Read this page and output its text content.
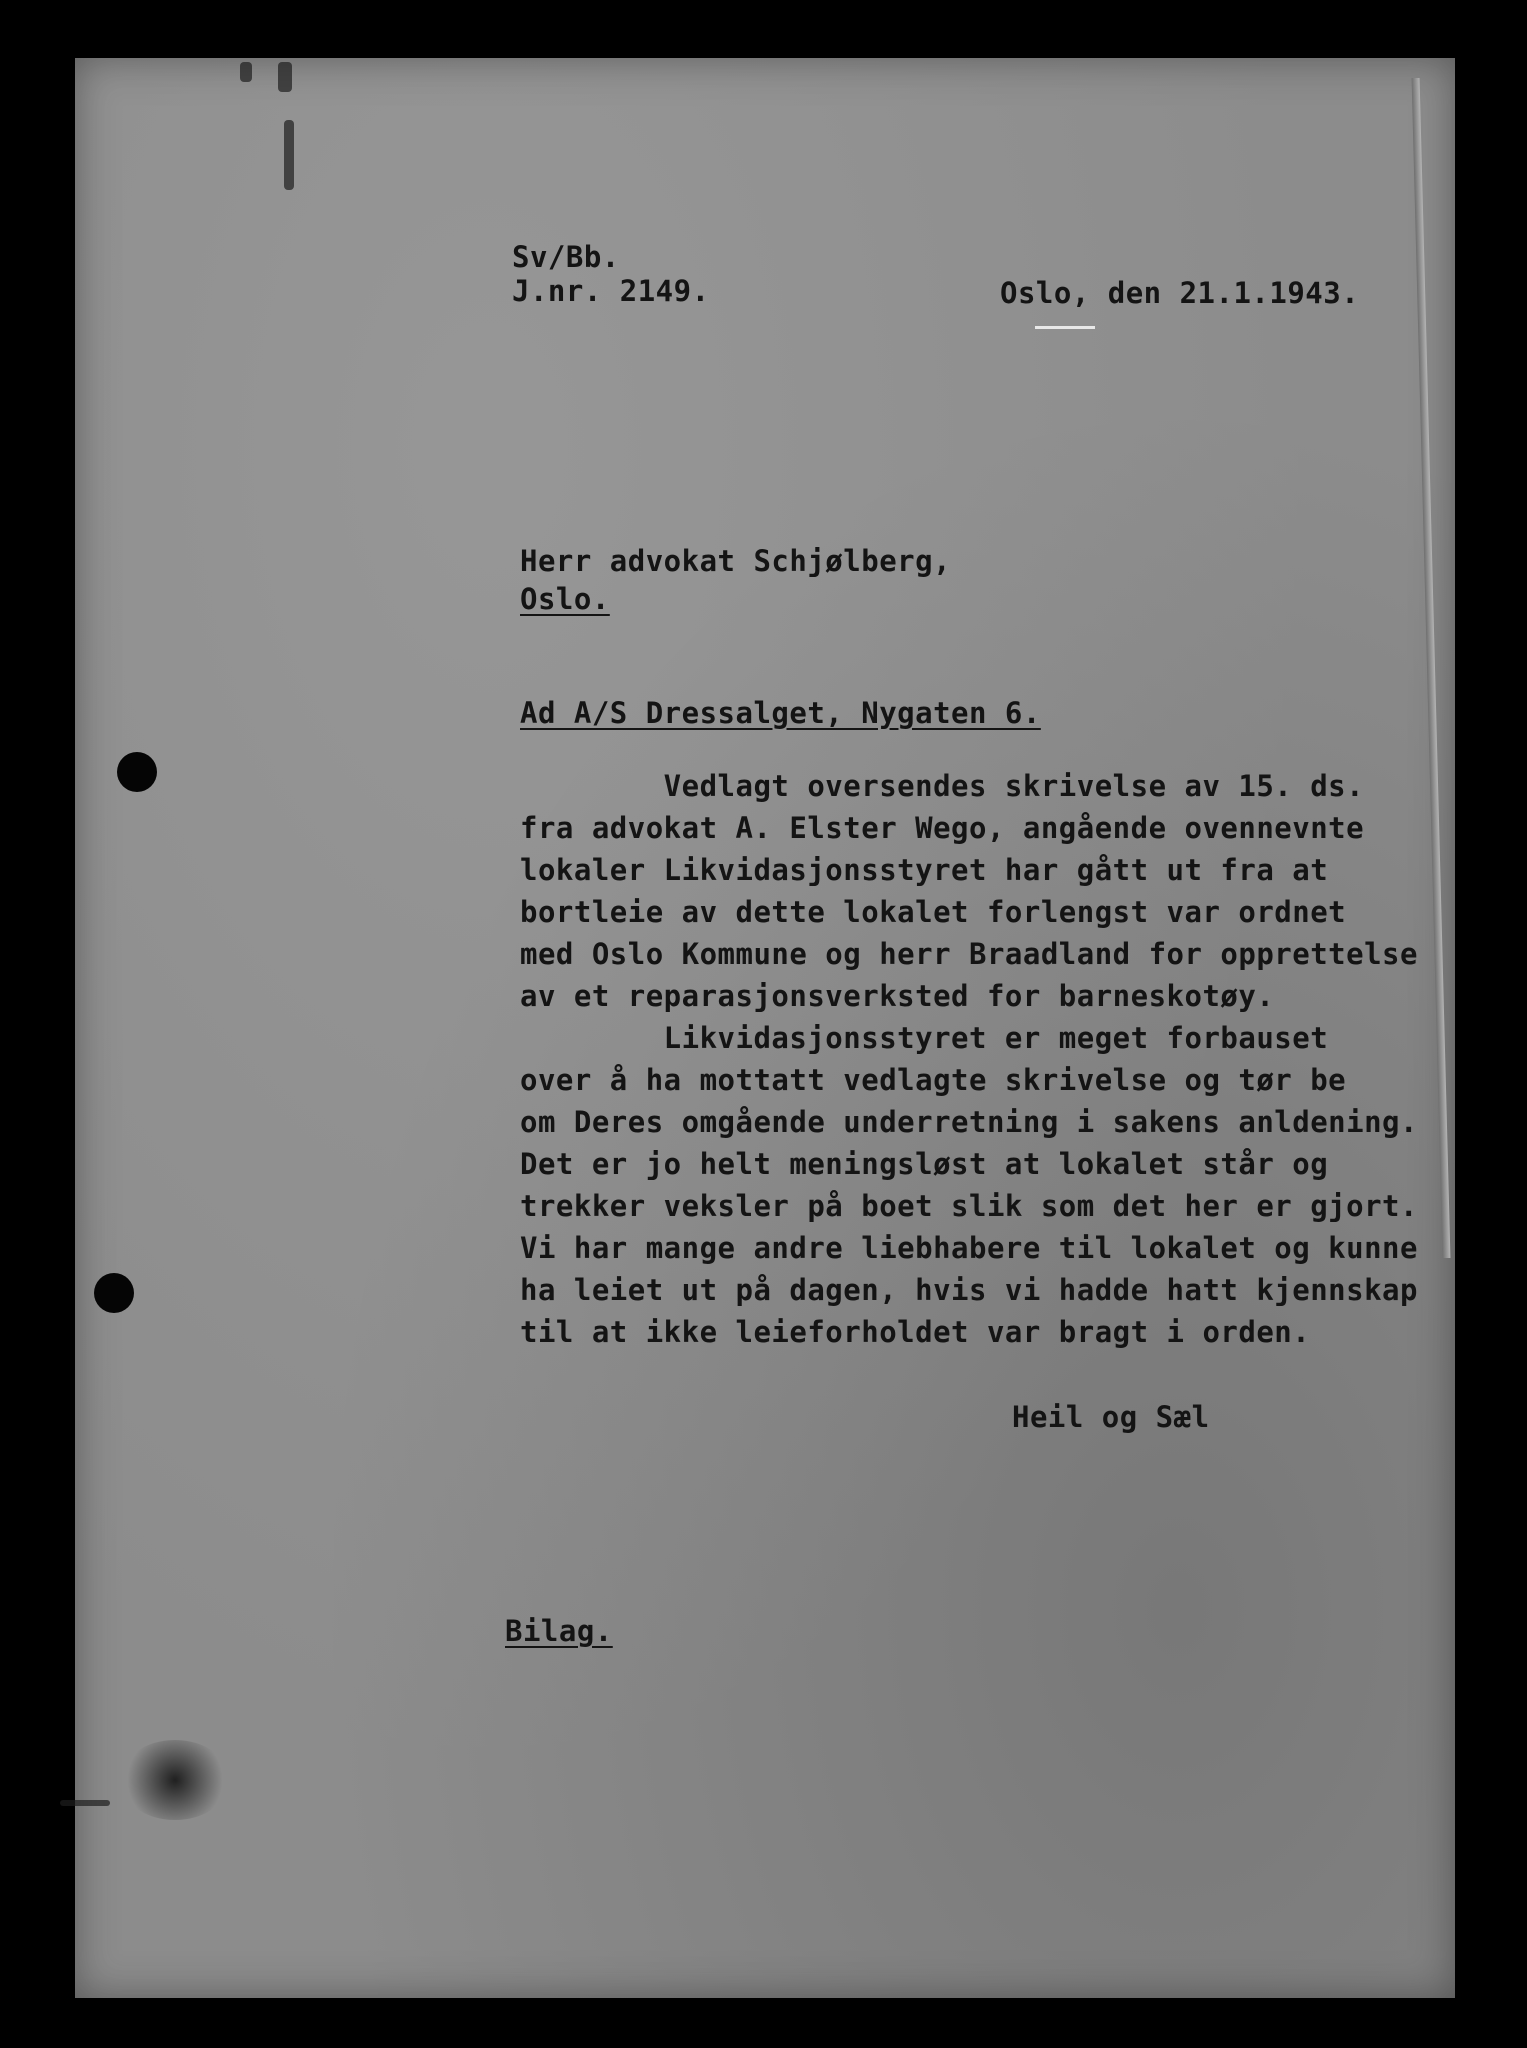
Sv/Bb.

J.nr. 2149.	Oslo, den 21.1.1943.

Herr advokat Schjølberg,

Oslo.

Ad A/S Dressalget, Nygaten 6.

Vedlagt oversendes skrivelse av 15. ds.

fra advokat A. Elster Wego, angående ovennevnte

lokaler Likvidasjonsstyret har gått ut fra at

bortleie av dette lokalet forlengst var ordnet

med Oslo Kommune og herr Braadland for opprettelse

av et reparasjonsverksted for barneskotøy.

Likvidasjonsstyret er meget forbauset

over å ha mottatt vedlagte skrivelse og tør be

om Deres omgående underretning i sakens anldening.

Det er jo helt meningsløst at lokalet står og

trekker veksler på boet slik som det her er gjort.

Vi har mange andre liebhabere til lokalet og kunne

ha leiet ut på dagen, hvis vi hadde hatt kjennskap

til at ikke leieforholdet var bragt i orden.

Heil og Sæl

Bilag.
